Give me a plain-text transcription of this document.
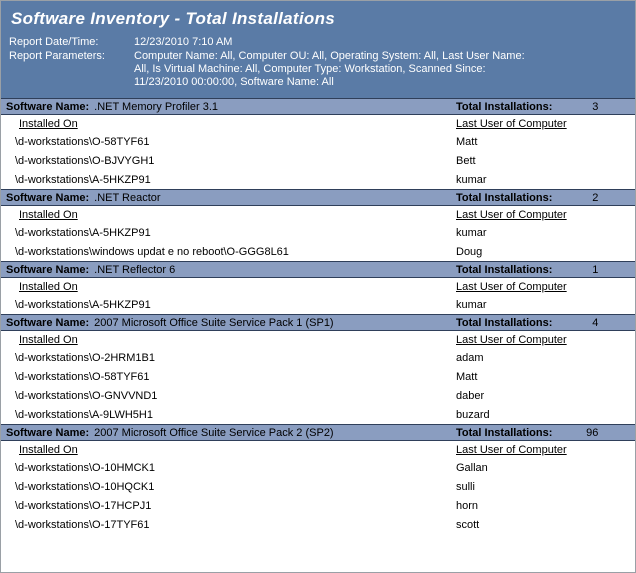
Software Inventory - Total Installations
Report Date/Time:	12/23/2010 7:10 AM
Report Parameters:	Computer Name: All, Computer OU: All, Operating System: All, Last User Name:
All, Is Virtual Machine: All, Computer Type: Workstation, Scanned Since:
11/23/2010 00:00:00, Software Name: All
Software Name: .NET Memory Profiler 3.1	Total Installations:	3
Installed On	Last User of Computer
\d-workstations\O-58TYF61	Matt
\d-workstations\O-BJVYGH1	Bett
\d-workstations\A-5HKZP91	kumar
Software Name: .NET Reactor	Total Installations:	2
Installed On	Last User of Computer
\d-workstations\A-5HKZP91	kumar
\d-workstations\windows updat e no reboot\O-GGG8L61	Doug
Software Name: .NET Reflector 6	Total Installations:	1
Installed On	Last User of Computer
\d-workstations\A-5HKZP91	kumar
Software Name: 2007 Microsoft Office Suite Service Pack 1 (SP1)	Total Installations:	4
Installed On	Last User of Computer
\d-workstations\O-2HRM1B1	adam
\d-workstations\O-58TYF61	Matt
\d-workstations\O-GNVVND1	daber
\d-workstations\A-9LWH5H1	buzard
Software Name: 2007 Microsoft Office Suite Service Pack 2 (SP2)	Total Installations:	96
Installed On	Last User of Computer
\d-workstations\O-10HMCK1	Gallan
\d-workstations\O-10HQCK1	sulli
\d-workstations\O-17HCPJ1	horn
\d-workstations\O-17TYF61	scott
